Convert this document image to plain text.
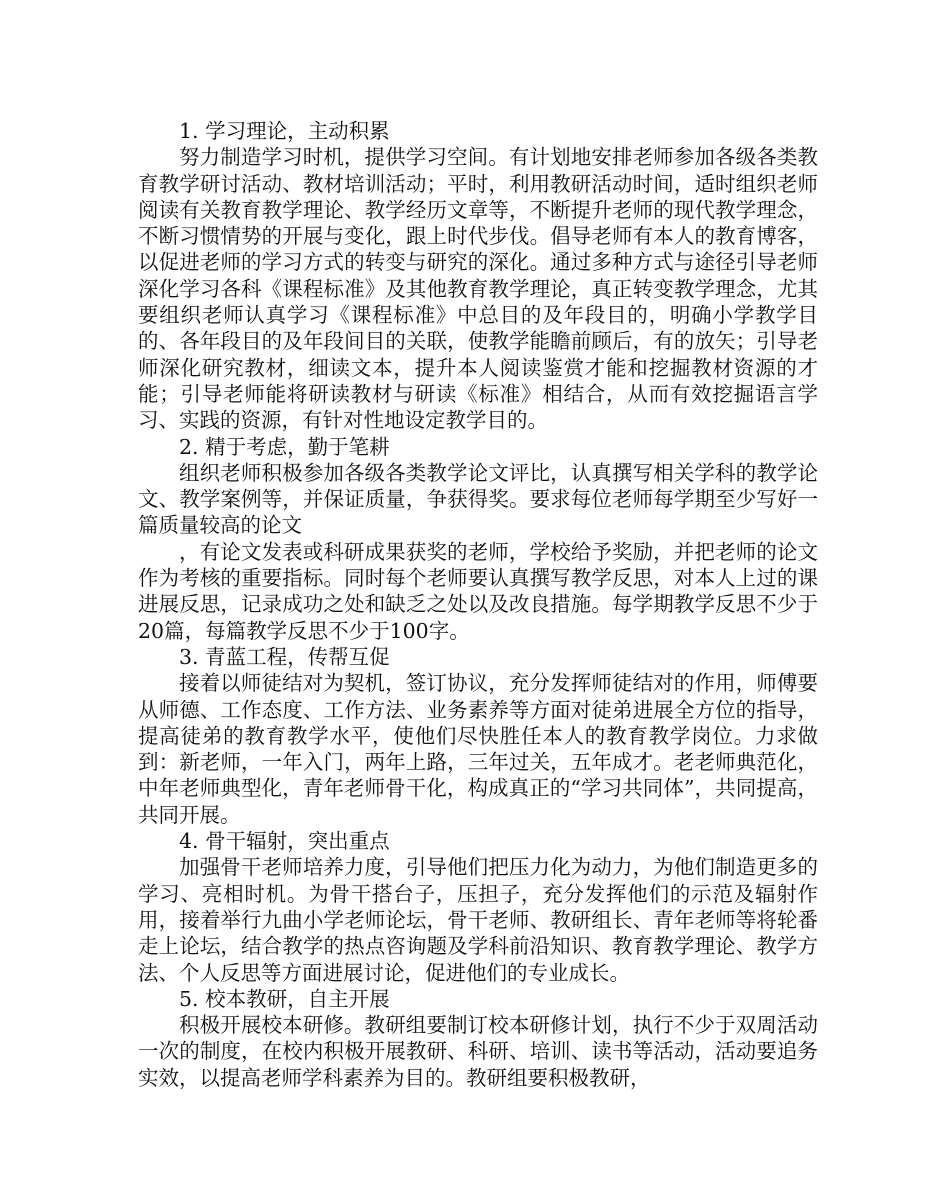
1. 学习理论，主动积累

努力制造学习时机，提供学习空间。有计划地安排老师参加各级各类教育教学研讨活动、教材培训活动；平时，利用教研活动时间，适时组织老师阅读有关教育教学理论、教学经历文章等，不断提升老师的现代教学理念，不断习惯情势的开展与变化，跟上时代步伐。倡导老师有本人的教育博客，以促进老师的学习方式的转变与研究的深化。通过多种方式与途径引导老师深化学习各科《课程标准》及其他教育教学理论，真正转变教学理念，尤其要组织老师认真学习《课程标准》中总目的及年段目的，明确小学教学目的、各年段目的及年段间目的关联，使教学能瞻前顾后，有的放矢；引导老师深化研究教材，细读文本，提升本人阅读鉴赏才能和挖掘教材资源的才能；引导老师能将研读教材与研读《标准》相结合，从而有效挖掘语言学习、实践的资源，有针对性地设定教学目的。

2. 精于考虑，勤于笔耕

组织老师积极参加各级各类教学论文评比，认真撰写相关学科的教学论文、教学案例等，并保证质量，争获得奖。要求每位老师每学期至少写好一篇质量较高的论文

，有论文发表或科研成果获奖的老师，学校给予奖励，并把老师的论文作为考核的重要指标。同时每个老师要认真撰写教学反思，对本人上过的课进展反思，记录成功之处和缺乏之处以及改良措施。每学期教学反思不少于20篇，每篇教学反思不少于100字。

3. 青蓝工程，传帮互促

接着以师徒结对为契机，签订协议，充分发挥师徒结对的作用，师傅要从师德、工作态度、工作方法、业务素养等方面对徒弟进展全方位的指导，提高徒弟的教育教学水平，使他们尽快胜任本人的教育教学岗位。力求做到：新老师，一年入门，两年上路，三年过关，五年成才。老老师典范化，中年老师典型化，青年老师骨干化，构成真正的“学习共同体”，共同提高，共同开展。

4. 骨干辐射，突出重点

加强骨干老师培养力度，引导他们把压力化为动力，为他们制造更多的学习、亮相时机。为骨干搭台子，压担子，充分发挥他们的示范及辐射作用，接着举行九曲小学老师论坛，骨干老师、教研组长、青年老师等将轮番走上论坛，结合教学的热点咨询题及学科前沿知识、教育教学理论、教学方法、个人反思等方面进展讨论，促进他们的专业成长。

5. 校本教研，自主开展

积极开展校本研修。教研组要制订校本研修计划，执行不少于双周活动一次的制度，在校内积极开展教研、科研、培训、读书等活动，活动要追务实效，以提高老师学科素养为目的。教研组要积极教研，
